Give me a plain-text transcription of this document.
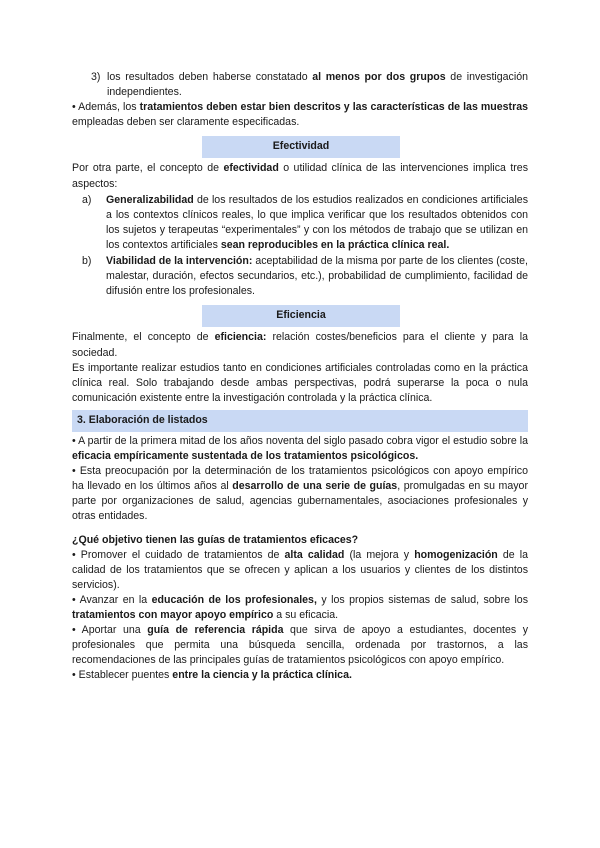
3) los resultados deben haberse constatado al menos por dos grupos de investigación independientes.

• Además, los tratamientos deben estar bien descritos y las características de las muestras empleadas deben ser claramente especificadas.

Efectividad

Por otra parte, el concepto de efectividad o utilidad clínica de las intervenciones implica tres aspectos:

a)	Generalizabilidad de los resultados de los estudios realizados en condiciones artificiales a los contextos clínicos reales, lo que implica verificar que los resultados obtenidos con los sujetos y terapeutas “experimentales” y con los métodos de trabajo que se utilizan en los contextos artificiales sean reproducibles en la práctica clínica real.

b)	Viabilidad de la intervención: aceptabilidad de la misma por parte de los clientes (coste, malestar, duración, efectos secundarios, etc.), probabilidad de cumplimiento, facilidad de difusión entre los profesionales.

Eficiencia

Finalmente, el concepto de eficiencia: relación costes/beneficios para el cliente y para la sociedad.

Es importante realizar estudios tanto en condiciones artificiales controladas como en la práctica clínica real. Solo trabajando desde ambas perspectivas, podrá superarse la poca o nula comunicación existente entre la investigación controlada y la práctica clínica.

3. Elaboración de listados

• A partir de la primera mitad de los años noventa del siglo pasado cobra vigor el estudio sobre la eficacia empíricamente sustentada de los tratamientos psicológicos.

• Esta preocupación por la determinación de los tratamientos psicológicos con apoyo empírico ha llevado en los últimos años al desarrollo de una serie de guías, promulgadas en su mayor parte por organizaciones de salud, agencias gubernamentales, asociaciones profesionales y otras entidades.

¿Qué objetivo tienen las guías de tratamientos eficaces?

• Promover el cuidado de tratamientos de alta calidad (la mejora y homogenización de la calidad de los tratamientos que se ofrecen y aplican a los usuarios y clientes de los distintos servicios).

• Avanzar en la educación de los profesionales, y los propios sistemas de salud, sobre los tratamientos con mayor apoyo empírico a su eficacia.

• Aportar una guía de referencia rápida que sirva de apoyo a estudiantes, docentes y profesionales que permita una búsqueda sencilla, ordenada por trastornos, a las recomendaciones de las principales guías de tratamientos psicológicos con apoyo empírico.

• Establecer puentes entre la ciencia y la práctica clínica.
